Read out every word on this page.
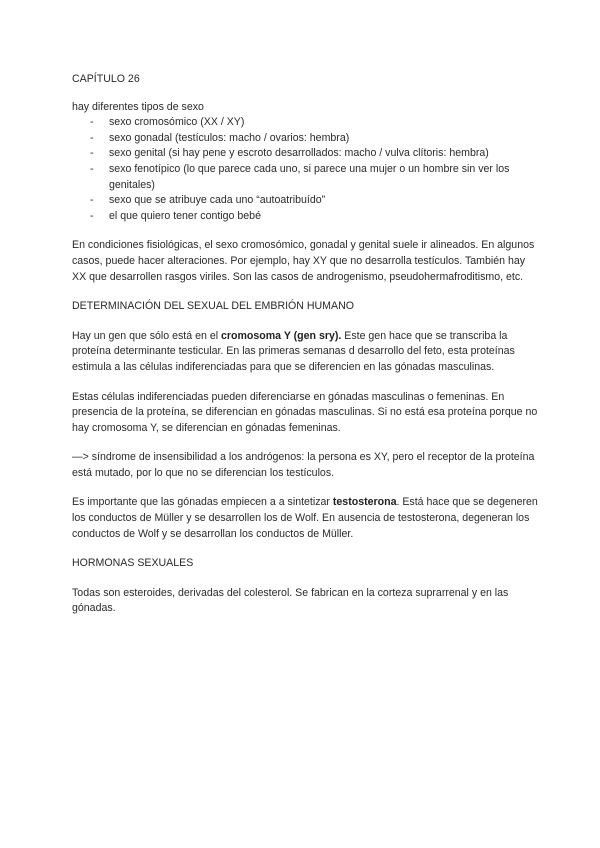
CAPÍTULO 26

hay diferentes tipos de sexo

- sexo cromosómico (XX / XY)
- sexo gonadal (testículos: macho / ovarios: hembra)
- sexo genital (si hay pene y escroto desarrollados: macho / vulva clítoris: hembra)
- sexo fenotípico (lo que parece cada uno, si parece una mujer o un hombre sin ver los genitales)
- sexo que se atribuye cada uno “autoatribuído”
- el que quiero tener contigo bebé

En condiciones fisiológicas, el sexo cromosómico, gonadal y genital suele ir alineados. En algunos casos, puede hacer alteraciones. Por ejemplo, hay XY que no desarrolla testículos. También hay XX que desarrollen rasgos viriles. Son las casos de androgenismo, pseudohermafroditismo, etc.

DETERMINACIÓN DEL SEXUAL DEL EMBRIÓN HUMANO

Hay un gen que sólo está en el cromosoma Y (gen sry). Este gen hace que se transcriba la proteína determinante testicular. En las primeras semanas d desarrollo del feto, esta proteínas estimula a las células indiferenciadas para que se diferencien en las gónadas masculinas.

Estas células indiferenciadas pueden diferenciarse en gónadas masculinas o femeninas. En presencia de la proteína, se diferencian en gónadas masculinas. Si no está esa proteína porque no hay cromosoma Y, se diferencian en gónadas femeninas.

—> síndrome de insensibilidad a los andrógenos: la persona es XY, pero el receptor de la proteína está mutado, por lo que no se diferencian los testículos.

Es importante que las gónadas empiecen a a sintetizar testosterona. Está hace que se degeneren los conductos de Müller y se desarrollen los de Wolf. En ausencia de testosterona, degeneran los conductos de Wolf y se desarrollan los conductos de Müller.

HORMONAS SEXUALES

Todas son esteroides, derivadas del colesterol. Se fabrican en la corteza suprarrenal y en las gónadas.
